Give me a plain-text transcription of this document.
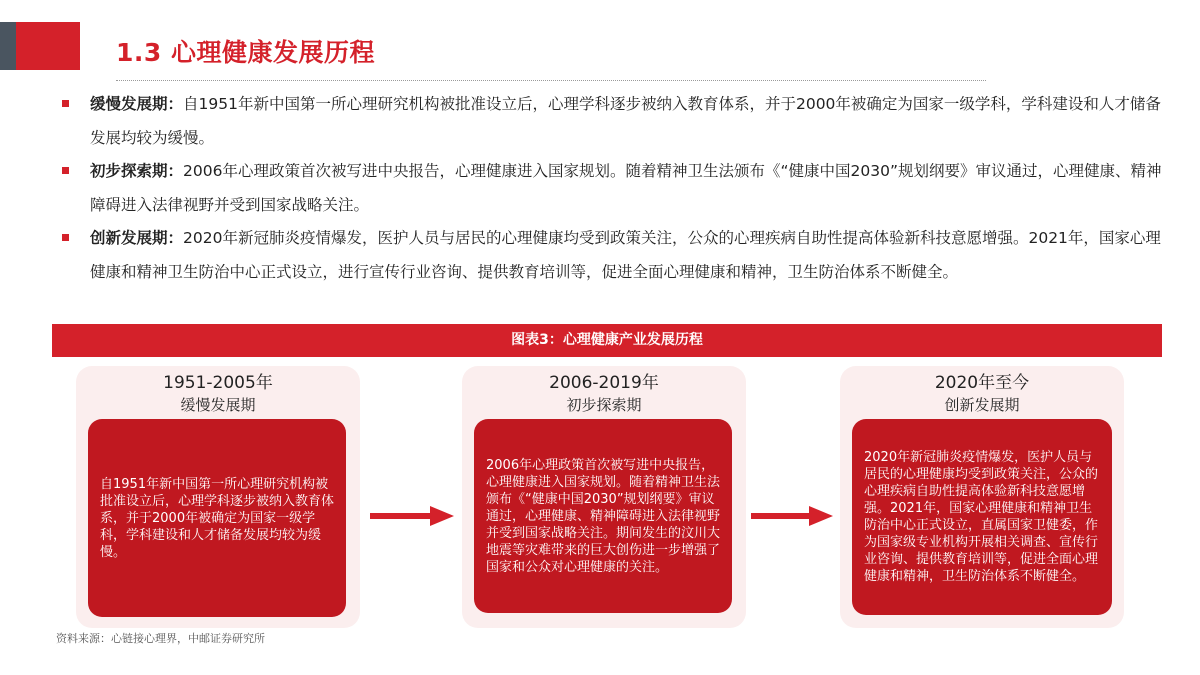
1.3 心理健康发展历程
缓慢发展期：自1951年新中国第一所心理研究机构被批准设立后，心理学科逐步被纳入教育体系，并于2000年被确定为国家一级学科，学科建设和人才储备发展均较为缓慢。
初步探索期：2006年心理政策首次被写进中央报告，心理健康进入国家规划。随着精神卫生法颁布《“健康中国2030”规划纲要》审议通过，心理健康、精神障碍进入法律视野并受到国家战略关注。
创新发展期：2020年新冠肺炎疫情爆发，医护人员与居民的心理健康均受到政策关注，公众的心理疾病自助性提高体验新科技意愿增强。2021年，国家心理健康和精神卫生防治中心正式设立，进行宣传行业咨询、提供教育培训等，促进全面心理健康和精神，卫生防治体系不断健全。
图表3：心理健康产业发展历程
1951-2005年
缓慢发展期
自1951年新中国第一所心理研究机构被批准设立后，心理学科逐步被纳入教育体系，并于2000年被确定为国家一级学科，学科建设和人才储备发展均较为缓慢。
2006-2019年
初步探索期
2006年心理政策首次被写进中央报告，心理健康进入国家规划。随着精神卫生法颁布《“健康中国2030”规划纲要》审议通过，心理健康、精神障碍进入法律视野并受到国家战略关注。期间发生的汶川大地震等灾难带来的巨大创伤进一步增强了国家和公众对心理健康的关注。
2020年至今
创新发展期
2020年新冠肺炎疫情爆发，医护人员与居民的心理健康均受到政策关注，公众的心理疾病自助性提高体验新科技意愿增强。2021年，国家心理健康和精神卫生防治中心正式设立，直属国家卫健委，作为国家级专业机构开展相关调查、宣传行业咨询、提供教育培训等，促进全面心理健康和精神，卫生防治体系不断健全。
资料来源：心链接心理界，中邮证券研究所
